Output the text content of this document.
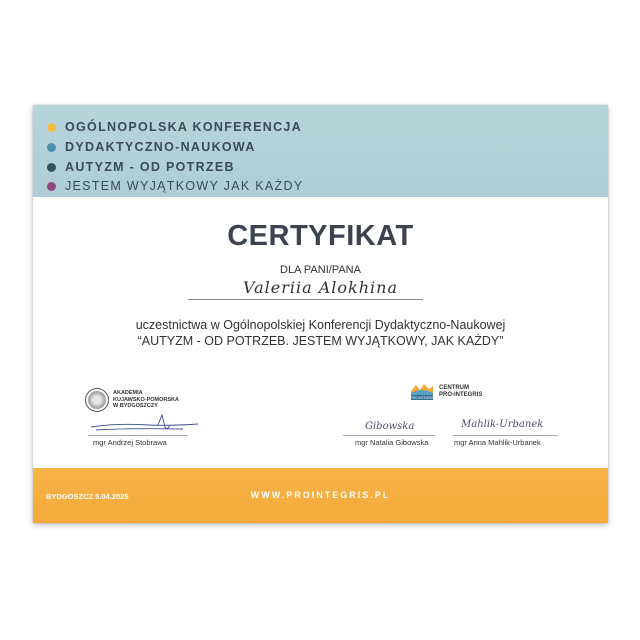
OGÓLNOPOLSKA KONFERENCJA
DYDAKTYCZNO-NAUKOWA
AUTYZM - OD POTRZEB
JESTEM WYJĄTKOWY JAK KAŻDY
CERTYFIKAT
DLA PANI/PANA
Valeriia Alokhina
uczestnictwa w Ogólnopolskiej Konferencji Dydaktyczno-Naukowej
“AUTYZM - OD POTRZEB. JESTEM WYJĄTKOWY, JAK KAŻDY”
AKADEMIA
KUJAWSKO-POMORSKA
W BYDGOSZCZY
PRO-INTEGRIS
CENTRUM
PRO-INTEGRIS
mgr Andrzej Stobrawa
Gibowska
mgr Natalia Gibowska
Mahlik-Urbanek
mgr Anna Mahlik-Urbanek
BYDGOSZCZ 5.04.2025	WWW.PROINTEGRIS.PL
